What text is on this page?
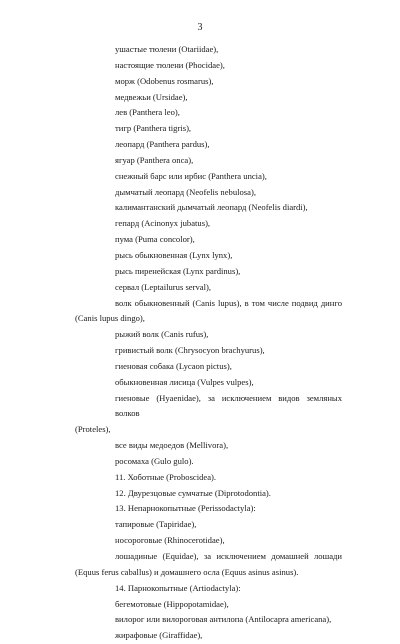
3
ушастые тюлени (Otariidae),
настоящие тюлени (Phocidae),
морж (Odobenus rosmarus),
медвежьи (Ursidae),
лев (Panthera leo),
тигр (Panthera tigris),
леопард (Panthera pardus),
ягуар (Panthera onca),
снежный барс или ирбис (Panthera uncia),
дымчатый леопард (Neofelis nebulosa),
калимантанский дымчатый леопард (Neofelis diardi),
гепард (Acinonyx jubatus),
пума (Puma concolor),
рысь обыкновенная (Lynx lynx),
рысь пиренейская (Lynx pardinus),
сервал (Leptailurus serval),
волк обыкновенный (Canis lupus), в том числе подвид динго
(Canis lupus dingo),
рыжий волк (Canis rufus),
гривистый волк (Chrysocyon brachyurus),
гиеновая собака (Lycaon pictus),
обыкновенная лисица (Vulpes vulpes),
гиеновые (Hyaenidae), за исключением видов земляных волков
(Proteles),
все виды медоедов (Mellivora),
росомаха (Gulo gulo).
11. Хоботные (Proboscidea).
12. Двурезцовые сумчатые (Diprotodontia).
13. Непарнокопытные (Perissodactyla):
тапировые (Tapiridae),
носороговые (Rhinocerotidae),
лошадиные (Equidae), за исключением домашней лошади
(Equus ferus caballus) и домашнего осла (Equus asinus asinus).
14. Парнокопытные (Artiodactyla):
бегемотовые (Hippopotamidae),
вилорог или вилороговая антилопа (Antilocapra americana),
жирафовые (Giraffidae),
